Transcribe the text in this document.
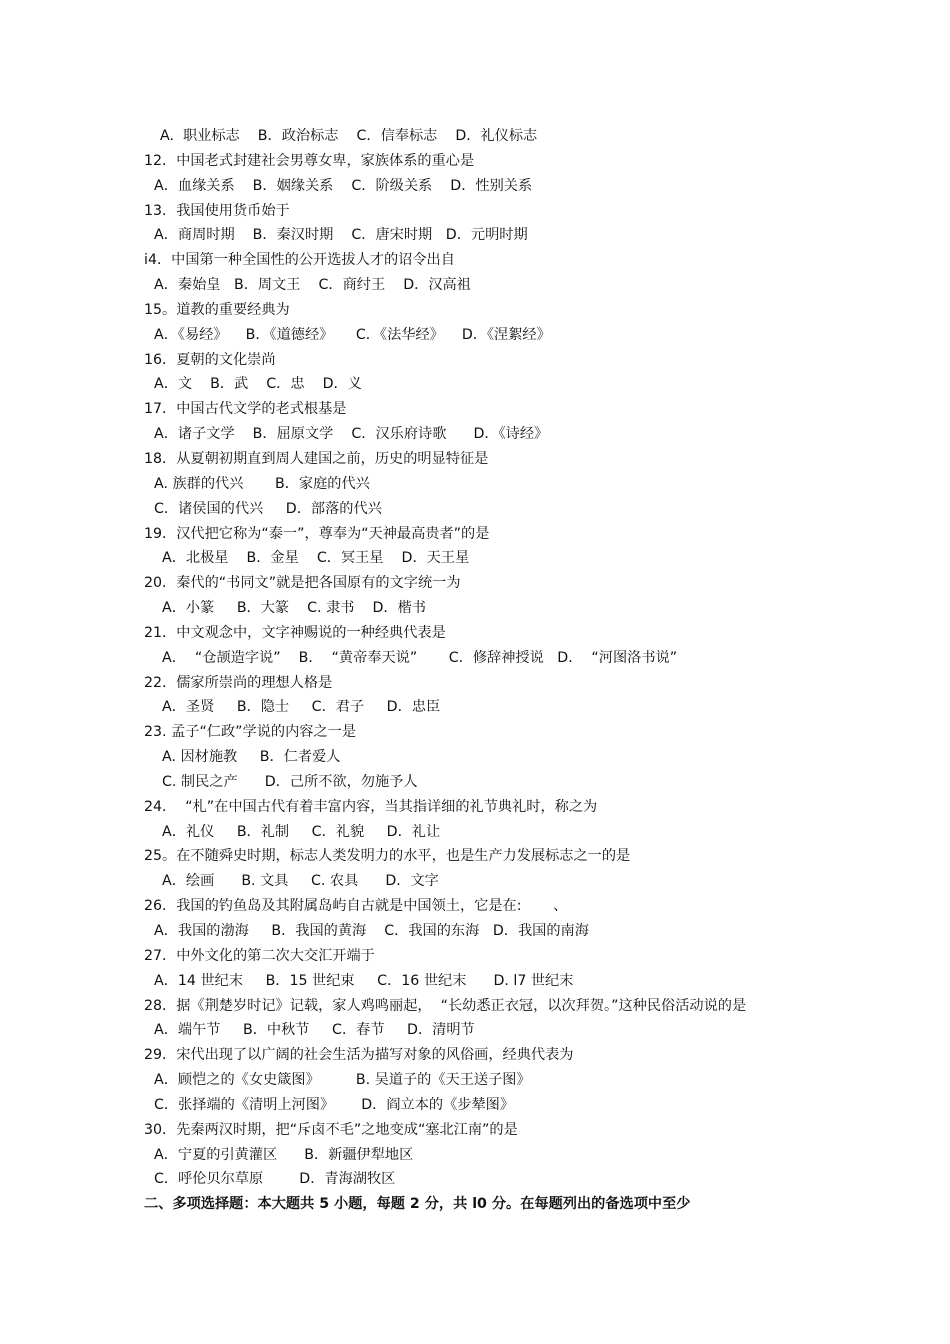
A.  职业标志    B．政治标志    C．信奉标志    D．礼仪标志
12．中国老式封建社会男尊女卑，家族体系的重心是
A．血缘关系    B．姻缘关系    C．阶级关系    D．性别关系
13．我国使用货币始于
A．商周时期    B．秦汉时期    C．唐宋时期   D．元明时期
i4．中国第一种全国性的公开选拔人才的诏令出自
A．秦始皇   B．周文王    C．商纣王    D．汉高祖
15。道教的重要经典为
A．《易经》    B．《道德经》     C．《法华经》    D．《涅絮经》
16．夏朝的文化崇尚
A．文    B．武    C．忠    D．义
17．中国古代文学的老式根基是
A．诸子文学    B．屈原文学    C．汉乐府诗歌      D．《诗经》
18．从夏朝初期直到周人建国之前，历史的明显特征是
A. 族群的代兴       B．家庭的代兴
C．诸侯国的代兴     D．部落的代兴
19．汉代把它称为“泰一”，尊奉为“天神最高贵者”的是
A．北极星    B．金星    C．冥王星    D．天王星
20．秦代的“书同文”就是把各国原有的文字统一为
A．小篆     B．大篆    C. 隶书    D．楷书
21．中文观念中，文字神赐说的一种经典代表是
A．  “仓颉造字说”    B．  “黄帝奉天说”       C．修辞神授说   D．  “河图洛书说”
22．儒家所崇尚的理想人格是
A．圣贤     B．隐士     C．君子     D．忠臣
23. 孟子“仁政”学说的内容之一是
A. 因材施教     B．仁者爱人
C. 制民之产      D．己所不欲，勿施予人
24．  “札”在中国古代有着丰富内容，当其指详细的礼节典礼时，称之为
A．礼仪     B．礼制     C．礼貌     D．礼让
25。在不随舜史时期，标志人类发明力的水平，也是生产力发展标志之一的是
A．绘画      B. 文具     C. 农具      D．文字
26．我国的钓鱼岛及其附属岛屿自古就是中国领土，它是在:       、
A．我国的渤海     B．我国的黄海    C．我国的东海   D．我国的南海
27．中外文化的第二次大交汇开端于
A．14 世纪末     B．15 世纪束     C．16 世纪末      D. l7 世纪末
28．据《荆楚岁时记》记载，家人鸡鸣丽起，  “长幼悉正衣冠，以次拜贺。”这种民俗活动说的是
A．端午节     B．中秋节     C．春节     D．清明节
29．宋代出现了以广阔的社会生活为描写对象的风俗画，经典代表为
A．顾恺之的《女史箴图》        B. 吴道子的《天王送子图》
C．张择端的《清明上河图》      D．阎立本的《步辇图》
30．先秦两汉时期，把“斥卤不毛”之地变成“塞北江南”的是
A．宁夏的引黄灌区      B．新疆伊犁地区
C．呼伦贝尔草原        D．青海湖牧区
二、多项选择题：本大题共 5 小题，每题 2 分，共 l0 分。在每题列出的备选项中至少
